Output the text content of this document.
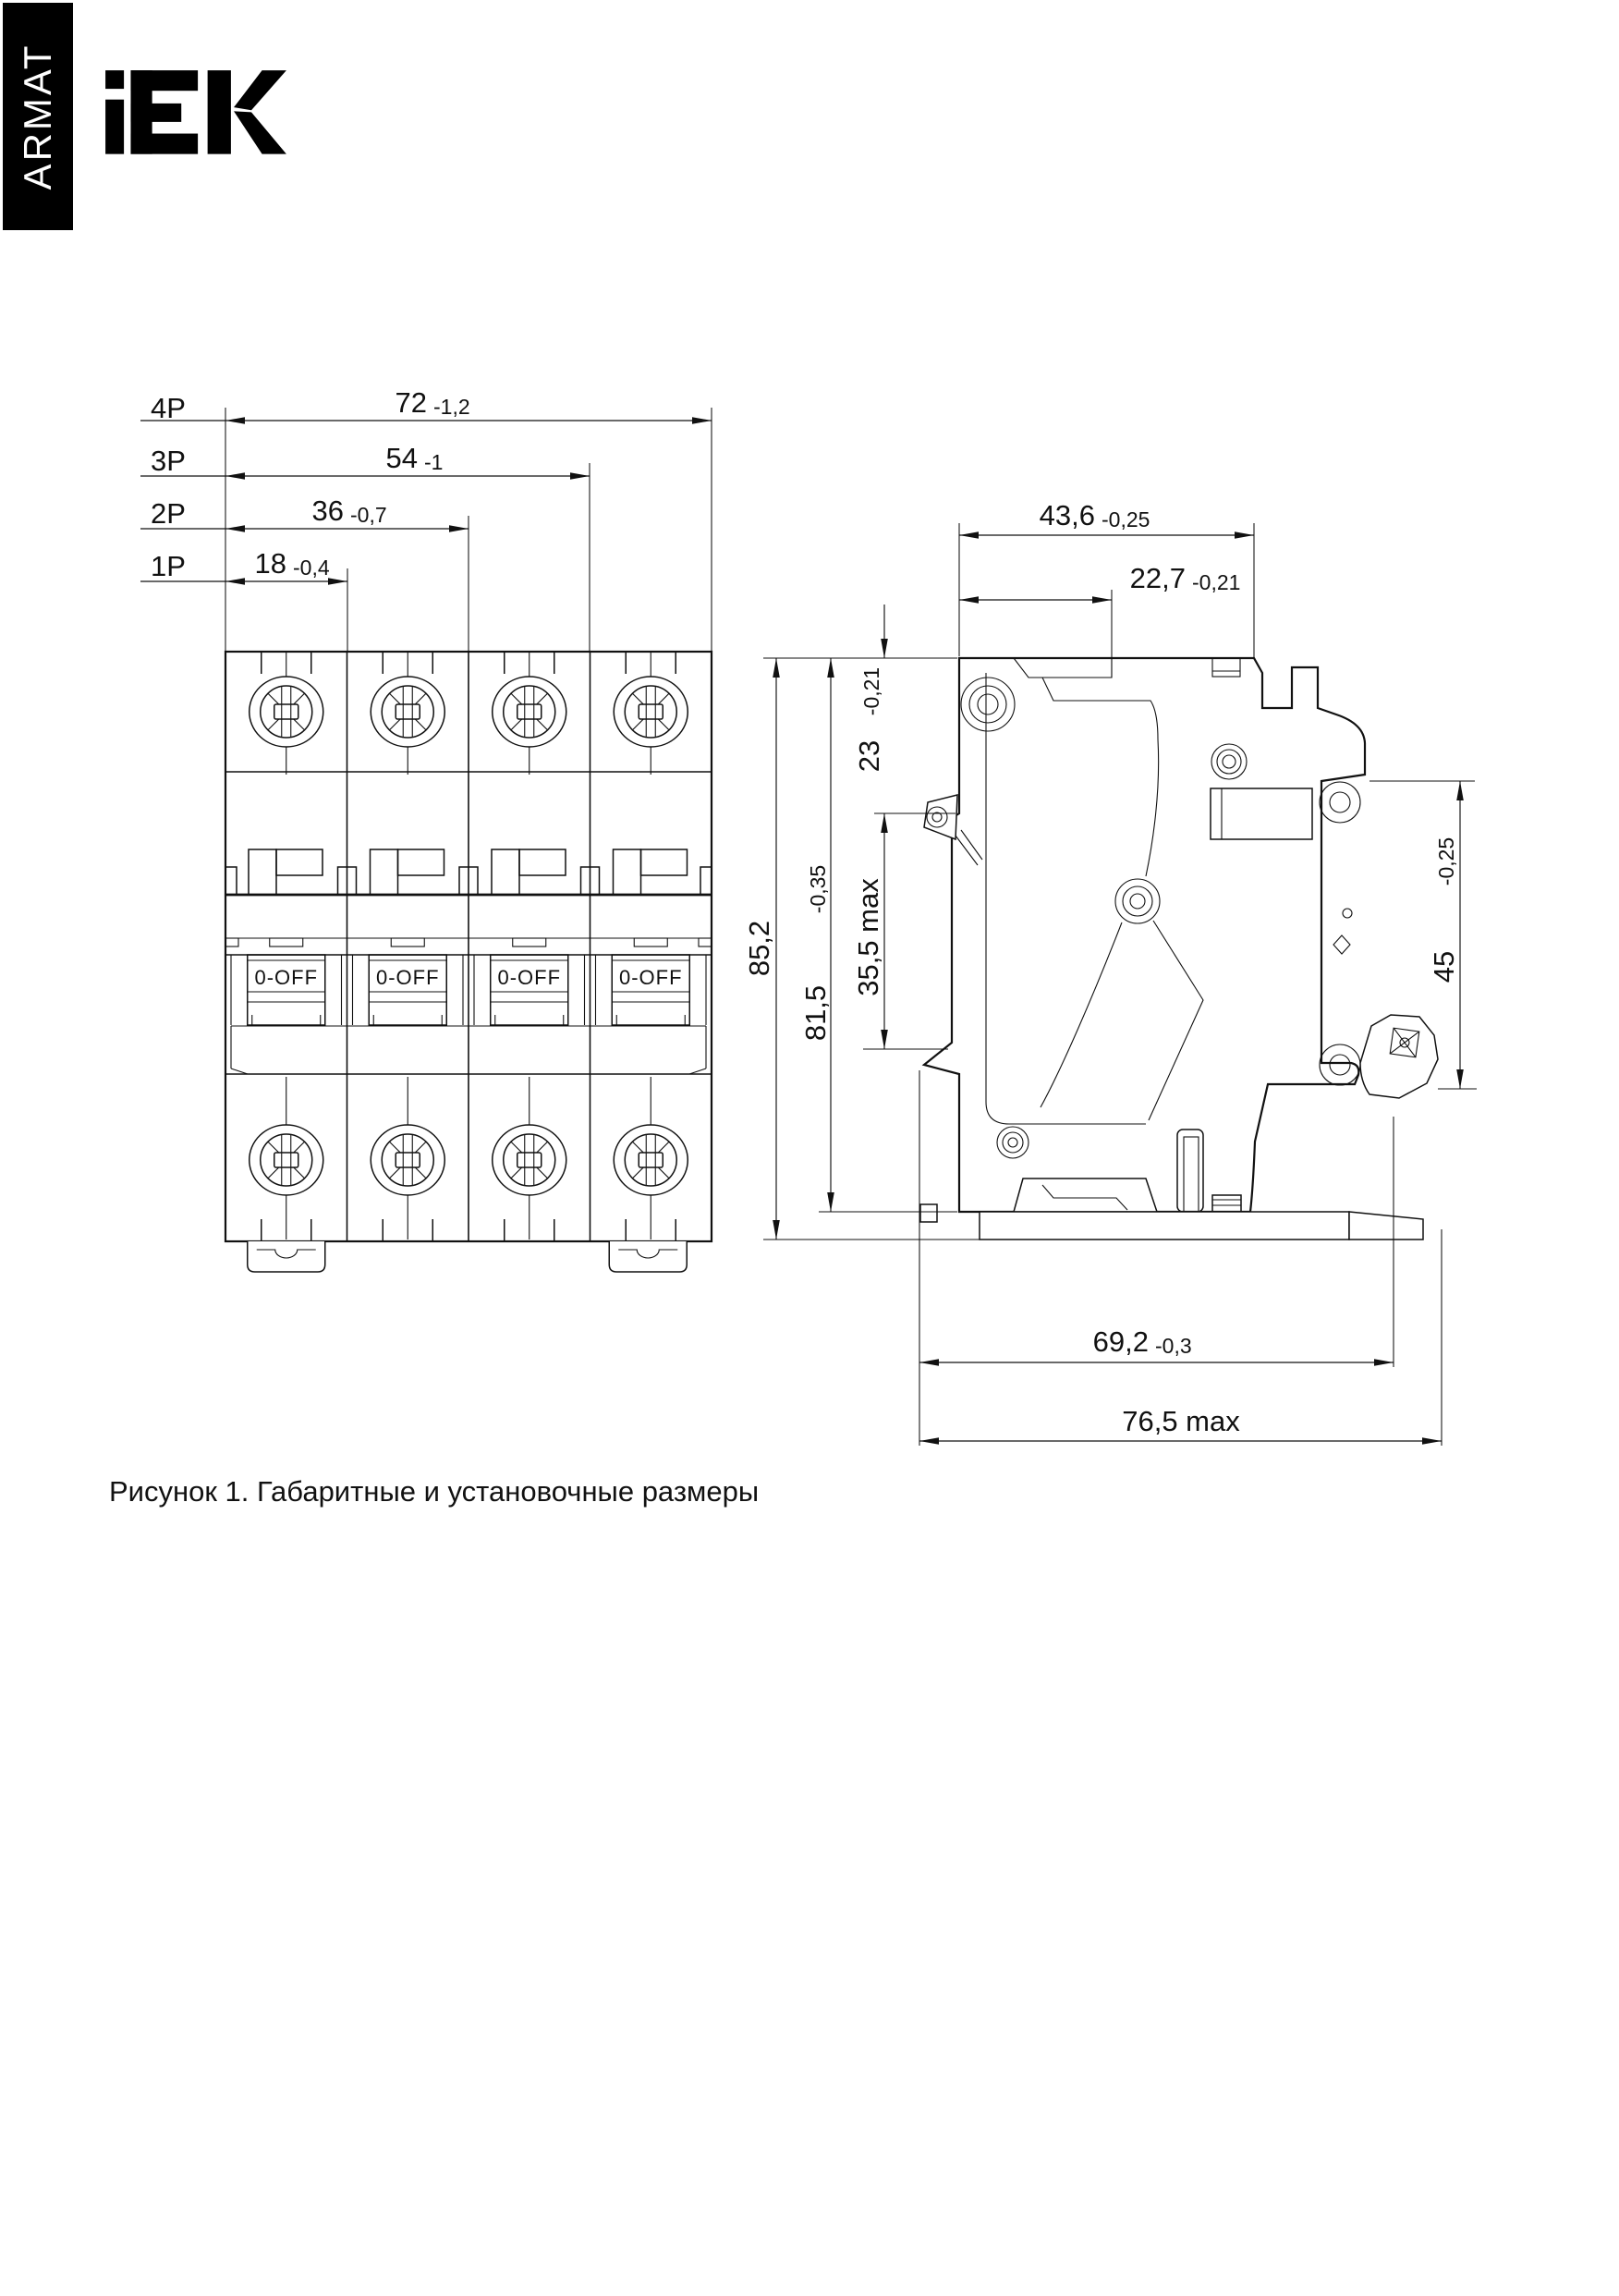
ARMAT
0-OFF
4P	72 -1,2
3P	54 -1
2P	36 -0,7
1P 18 -0,4
43,6 -0,25
22,7 -0,21
85,2
81,5
-0,35 35,5 max
23
-0,21
45
-0,25
69,2 -0,3
76,5 max
Рисунок 1. Габаритные и установочные размеры
